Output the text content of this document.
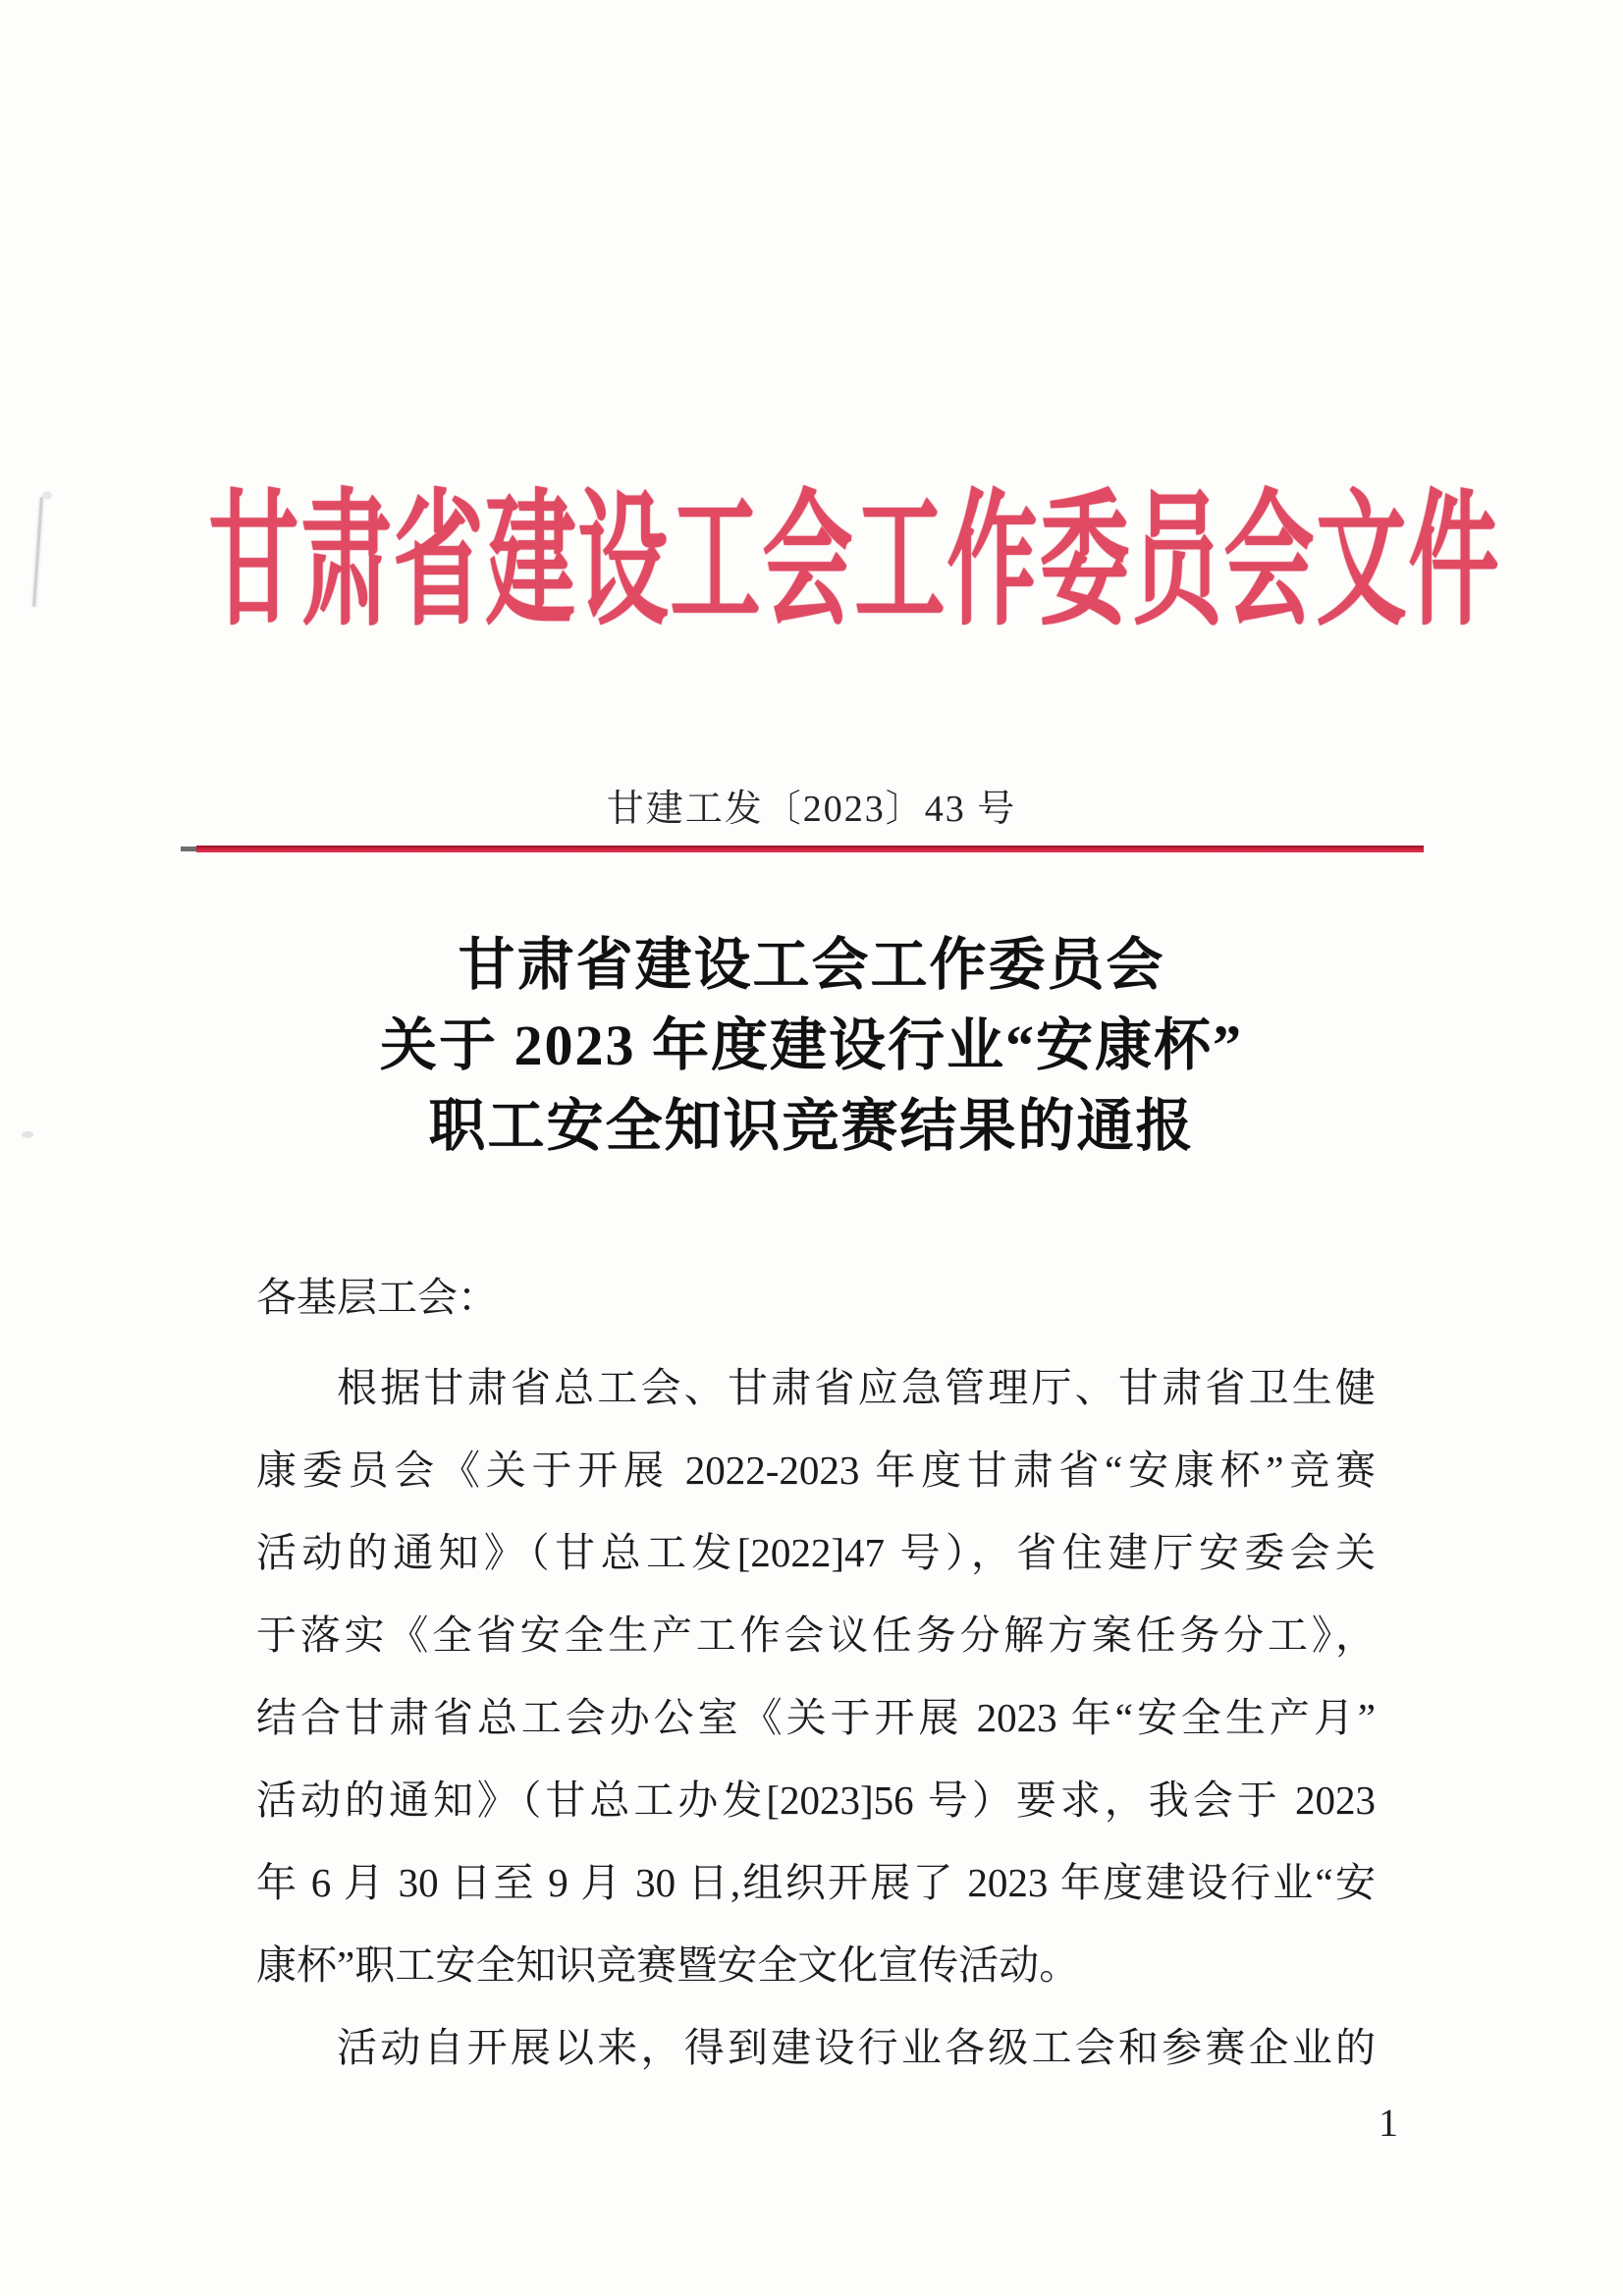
甘肃省建设工会工作委员会文件
甘建工发〔2023〕43 号
甘肃省建设工会工作委员会
关于 2023 年度建设行业“安康杯”
职工安全知识竞赛结果的通报
各基层工会：
根据甘肃省总工会、甘肃省应急管理厅、甘肃省卫生健
康委员会《关于开展 2022-2023 年度甘肃省“安康杯”竞赛
活动的通知》（甘总工发[2022]47 号），省住建厅安委会关
于落实《全省安全生产工作会议任务分解方案任务分工》，
结合甘肃省总工会办公室《关于开展 2023 年“安全生产月”
活动的通知》（甘总工办发[2023]56 号）要求，我会于 2023
年 6 月 30 日至 9 月 30 日,组织开展了 2023 年度建设行业“安
康杯”职工安全知识竞赛暨安全文化宣传活动。
活动自开展以来，得到建设行业各级工会和参赛企业的
1
